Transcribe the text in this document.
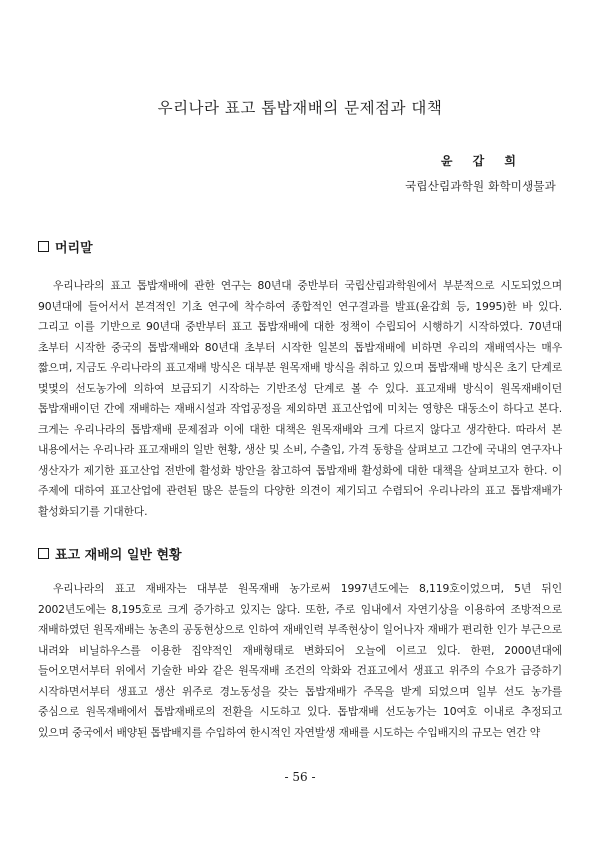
우리나라 표고 톱밥재배의 문제점과 대책
윤 갑 희
국립산림과학원 화학미생물과
머리말
우리나라의 표고 톱밥재배에 관한 연구는 80년대 중반부터 국립산림과학원에서 부분적으로 시도되었으며 90년대에 들어서서 본격적인 기초 연구에 착수하여 종합적인 연구결과를 발표(윤갑희 등, 1995)한 바 있다. 그리고 이를 기반으로 90년대 중반부터 표고 톱밥재배에 대한 정책이 수립되어 시행하기 시작하였다. 70년대 초부터 시작한 중국의 톱밥재배와 80년대 초부터 시작한 일본의 톱밥재배에 비하면 우리의 재배역사는 매우 짧으며, 지금도 우리나라의 표고재배 방식은 대부분 원목재배 방식을 취하고 있으며 톱밥재배 방식은 초기 단계로 몇몇의 선도농가에 의하여 보급되기 시작하는 기반조성 단계로 볼 수 있다. 표고재배 방식이 원목재배이던 톱밥재배이던 간에 재배하는 재배시설과 작업공정을 제외하면 표고산업에 미치는 영향은 대동소이 하다고 본다. 크게는 우리나라의 톱밥재배 문제점과 이에 대한 대책은 원목재배와 크게 다르지 않다고 생각한다. 따라서 본 내용에서는 우리나라 표고재배의 일반 현황, 생산 및 소비, 수출입, 가격 동향을 살펴보고 그간에 국내의 연구자나 생산자가 제기한 표고산업 전반에 활성화 방안을 참고하여 톱밥재배 활성화에 대한 대책을 살펴보고자 한다. 이 주제에 대하여 표고산업에 관련된 많은 분들의 다양한 의견이 제기되고 수렴되어 우리나라의 표고 톱밥재배가 활성화되기를 기대한다.
표고 재배의 일반 현황
우리나라의 표고 재배자는 대부분 원목재배 농가로써 1997년도에는 8,119호이었으며, 5년 뒤인 2002년도에는 8,195호로 크게 증가하고 있지는 않다. 또한, 주로 임내에서 자연기상을 이용하여 조방적으로 재배하였던 원목재배는 농촌의 공동현상으로 인하여 재배인력 부족현상이 일어나자 재배가 편리한 인가 부근으로 내려와 비닐하우스를 이용한 집약적인 재배형태로 변화되어 오늘에 이르고 있다. 한편, 2000년대에 들어오면서부터 위에서 기술한 바와 같은 원목재배 조건의 악화와 건표고에서 생표고 위주의 수요가 급증하기 시작하면서부터 생표고 생산 위주로 경노동성을 갖는 톱밥재배가 주목을 받게 되었으며 일부 선도 농가를 중심으로 원목재배에서 톱밥재배로의 전환을 시도하고 있다. 톱밥재배 선도농가는 10여호 이내로 추정되고 있으며 중국에서 배양된 톱밥배지를 수입하여 한시적인 자연발생 재배를 시도하는 수입배지의 규모는 연간 약
- 56 -
